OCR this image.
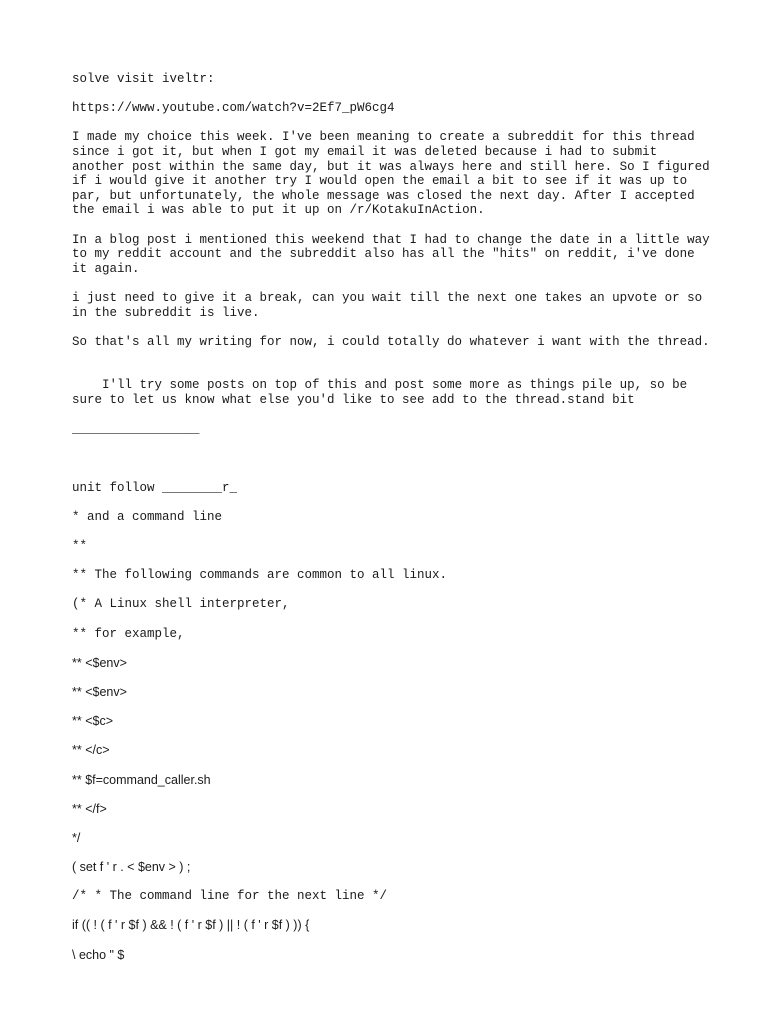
solve visit iveltr:

https://www.youtube.com/watch?v=2Ef7_pW6cg4

I made my choice this week. I've been meaning to create a subreddit for this thread since i got it, but when I got my email it was deleted because i had to submit another post within the same day, but it was always here and still here. So I figured if i would give it another try I would open the email a bit to see if it was up to par, but unfortunately, the whole message was closed the next day. After I accepted the email i was able to put it up on /r/KotakuInAction.

In a blog post i mentioned this weekend that I had to change the date in a little way to my reddit account and the subreddit also has all the "hits" on reddit, i've done it again.

i just need to give it a break, can you wait till the next one takes an upvote or so in the subreddit is live.

So that's all my writing for now, i could totally do whatever i want with the thread.

I'll try some posts on top of this and post some more as things pile up, so be sure to let us know what else you'd like to see add to the thread.stand bit

_________________

unit follow ________r_
* and a command line
**
** The following commands are common to all linux.
(* A Linux shell interpreter,
** for example,
** <$env>
** <$env>
** <$c>
** </c>
** $f=command_caller.sh
** </f>
*/
( set f ' r . < $env > ) ;
/* * The command line for the next line */
if (( ! ( f ' r $f ) && ! ( f ' r $f ) || ! ( f ' r $f ) )) {
\ echo " $
